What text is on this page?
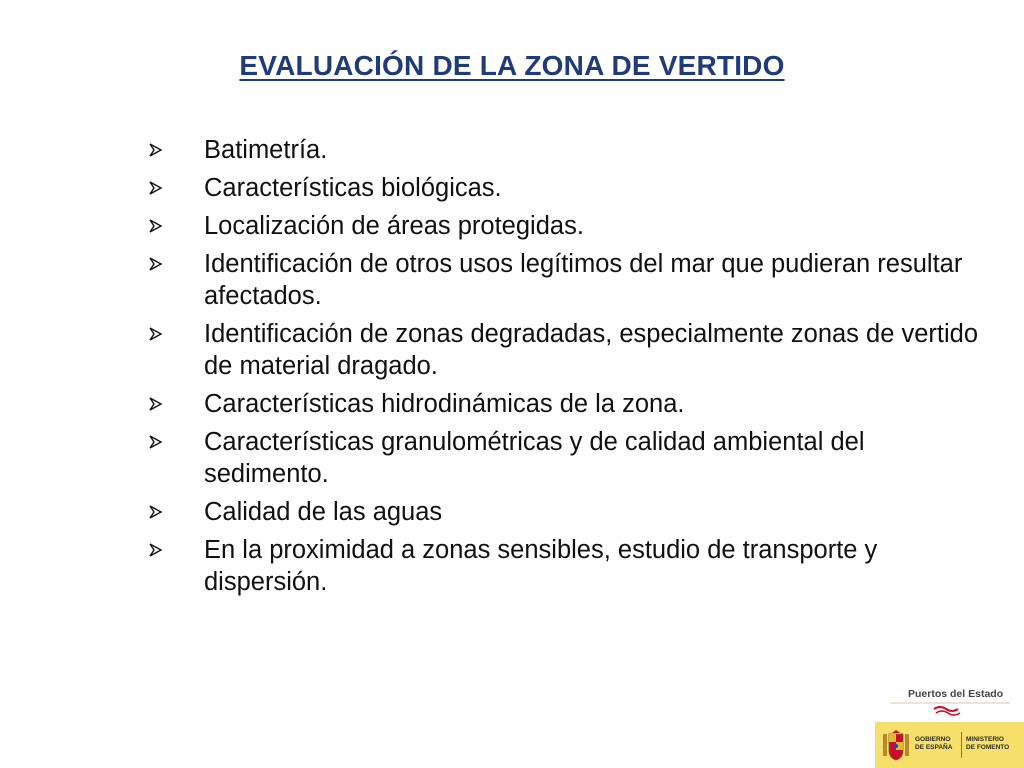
EVALUACIÓN DE LA ZONA DE VERTIDO
Batimetría.
Características biológicas.
Localización de áreas protegidas.
Identificación de otros usos legítimos del mar que pudieran resultar afectados.
Identificación de zonas degradadas, especialmente zonas de vertido de material dragado.
Características hidrodinámicas de la zona.
Características granulométricas y de calidad ambiental del sedimento.
Calidad de las aguas
En la proximidad a zonas sensibles, estudio de transporte y dispersión.
Puertos del Estado
GOBIERNO
DE ESPAÑA
MINISTERIO
DE FOMENTO
